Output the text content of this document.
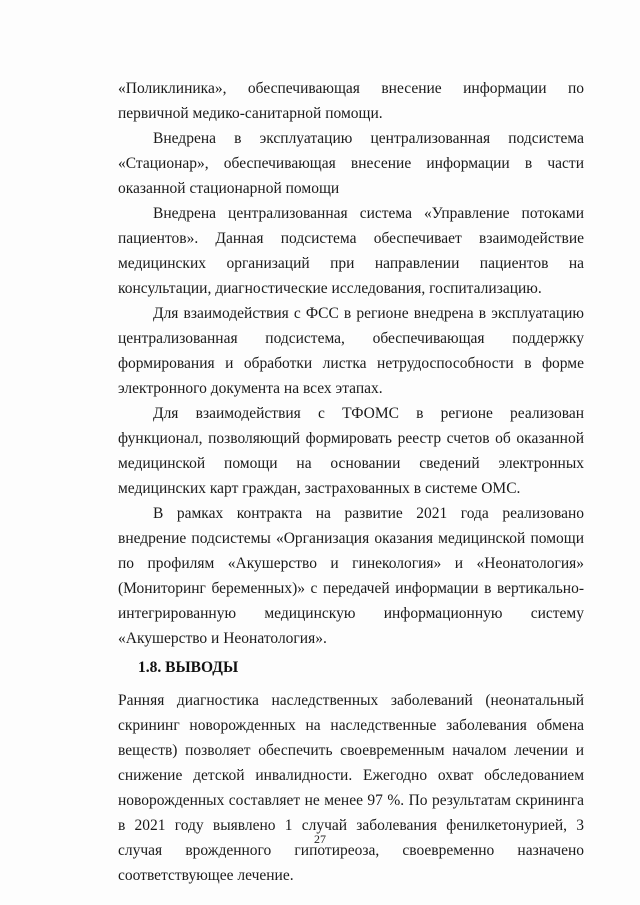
«Поликлиника», обеспечивающая внесение информации по первичной медико-санитарной помощи.

Внедрена в эксплуатацию централизованная подсистема «Стационар», обеспечивающая внесение информации в части оказанной стационарной помощи

Внедрена централизованная система «Управление потоками пациентов». Данная подсистема обеспечивает взаимодействие медицинских организаций при направлении пациентов на консультации, диагностические исследования, госпитализацию.

Для взаимодействия с ФСС в регионе внедрена в эксплуатацию централизованная подсистема, обеспечивающая поддержку формирования и обработки листка нетрудоспособности в форме электронного документа на всех этапах.

Для взаимодействия с ТФОМС в регионе реализован функционал, позволяющий формировать реестр счетов об оказанной медицинской помощи на основании сведений электронных медицинских карт граждан, застрахованных в системе ОМС.

В рамках контракта на развитие 2021 года реализовано внедрение подсистемы «Организация оказания медицинской помощи по профилям «Акушерство и гинекология» и «Неонатология» (Мониторинг беременных)» с передачей информации в вертикально-интегрированную медицинскую информационную систему «Акушерство и Неонатология».

1.8. ВЫВОДЫ

Ранняя диагностика наследственных заболеваний (неонатальный скрининг новорожденных на наследственные заболевания обмена веществ) позволяет обеспечить своевременным началом лечении и снижение детской инвалидности. Ежегодно охват обследованием новорожденных составляет не менее 97 %. По результатам скрининга в 2021 году выявлено 1 случай заболевания фенилкетонурией, 3 случая врожденного гипотиреоза, своевременно назначено соответствующее лечение.

27
